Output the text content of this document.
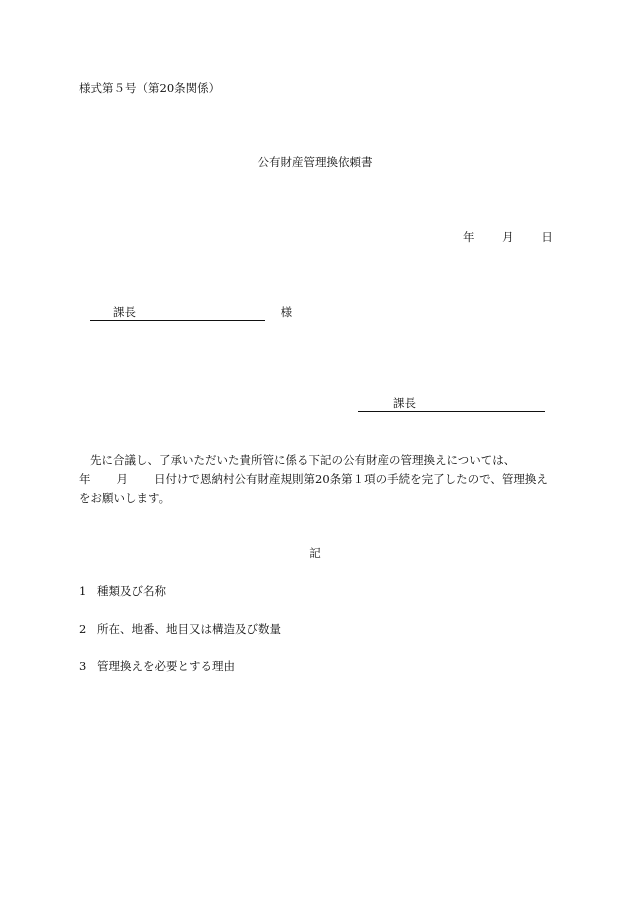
様式第５号（第20条関係）
公有財産管理換依頼書
年 月 日
課長	様
課長
先に合議し、了承いただいた貴所管に係る下記の公有財産の管理換えについては、
年 月 日付けで恩納村公有財産規則第20条第１項の手続を完了したので、管理換え
をお願いします。
記
1 種類及び名称
2 所在、地番、地目又は構造及び数量
3 管理換えを必要とする理由
